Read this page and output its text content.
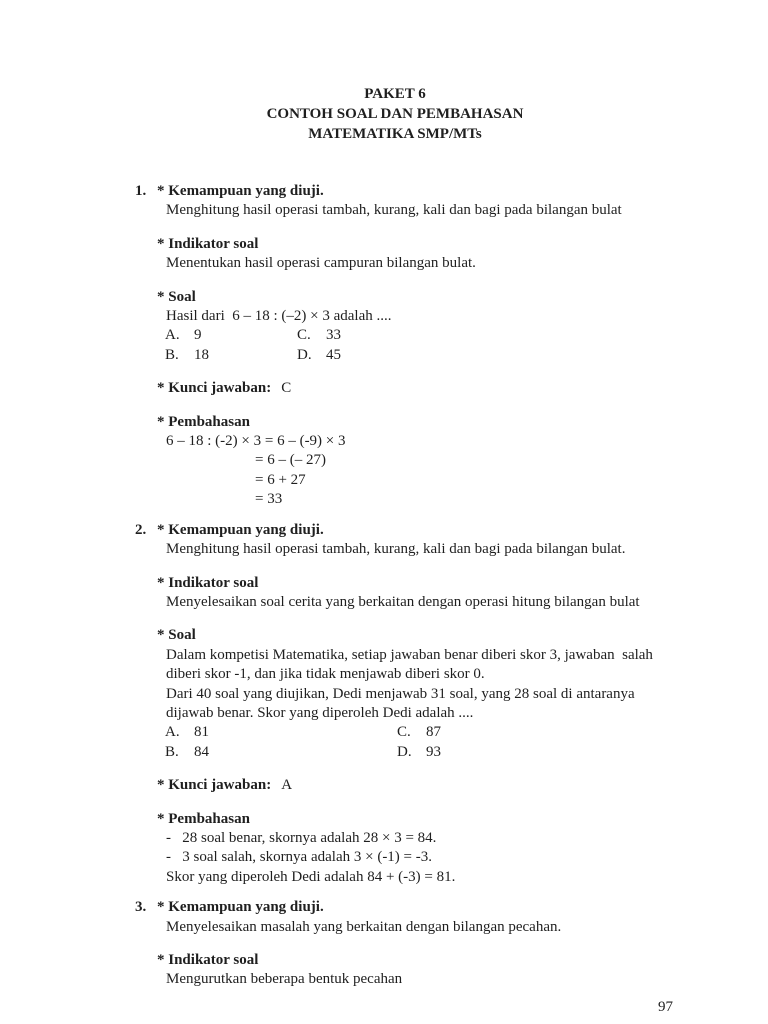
PAKET 6
CONTOH SOAL DAN PEMBAHASAN
MATEMATIKA SMP/MTs
1. * Kemampuan yang diuji.
Menghitung hasil operasi tambah, kurang, kali dan bagi pada bilangan bulat
* Indikator soal
Menentukan hasil operasi campuran bilangan bulat.
* Soal
Hasil dari  6 – 18 : (–2) × 3 adalah ....
A. 9	C.	33
B.	18	D. 45
* Kunci jawaban: C
* Pembahasan
6 – 18 : (-2) × 3 = 6 – (-9) × 3
= 6 – (– 27)
= 6 + 27
= 33
2. * Kemampuan yang diuji.
Menghitung hasil operasi tambah, kurang, kali dan bagi pada bilangan bulat.
* Indikator soal
Menyelesaikan soal cerita yang berkaitan dengan operasi hitung bilangan bulat
* Soal
Dalam kompetisi Matematika, setiap jawaban benar diberi skor 3, jawaban  salah
diberi skor -1, dan jika tidak menjawab diberi skor 0.
Dari 40 soal yang diujikan, Dedi menjawab 31 soal, yang 28 soal di antaranya
dijawab benar. Skor yang diperoleh Dedi adalah ....
A. 81	C.	87
B.	84	D. 93
* Kunci jawaban: A
* Pembahasan
-   28 soal benar, skornya adalah 28 × 3 = 84.
-   3 soal salah, skornya adalah 3 × (-1) = -3.
Skor yang diperoleh Dedi adalah 84 + (-3) = 81.
3. * Kemampuan yang diuji.
Menyelesaikan masalah yang berkaitan dengan bilangan pecahan.
* Indikator soal
Mengurutkan beberapa bentuk pecahan
97
